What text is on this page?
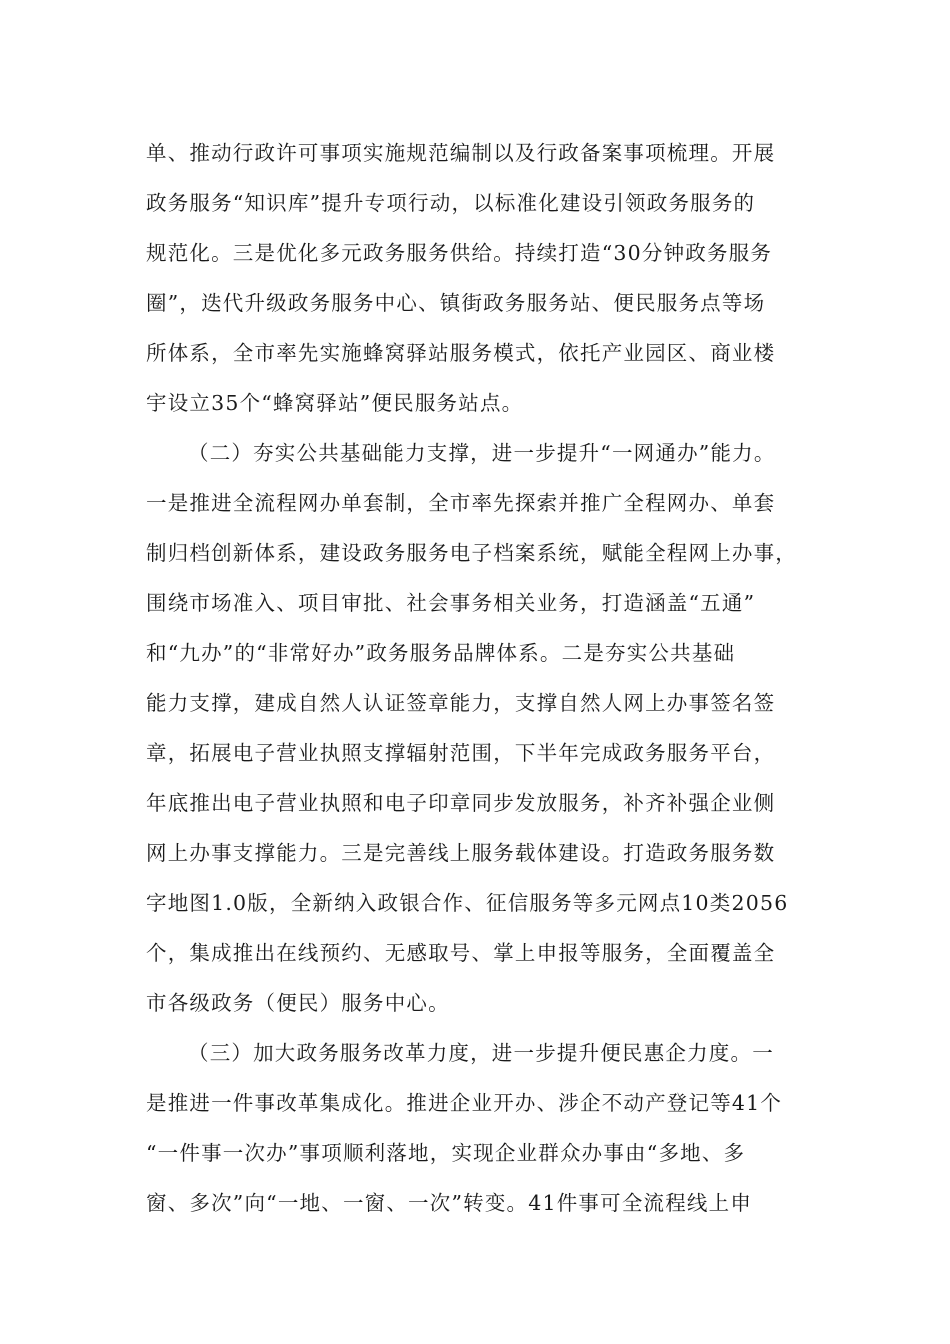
单、推动行政许可事项实施规范编制以及行政备案事项梳理。开展
政务服务“知识库”提升专项行动，以标准化建设引领政务服务的
规范化。三是优化多元政务服务供给。持续打造“30分钟政务服务
圈”，迭代升级政务服务中心、镇街政务服务站、便民服务点等场
所体系，全市率先实施蜂窝驿站服务模式，依托产业园区、商业楼
宇设立35个“蜂窝驿站”便民服务站点。
（二）夯实公共基础能力支撑，进一步提升“一网通办”能力。
一是推进全流程网办单套制，全市率先探索并推广全程网办、单套
制归档创新体系，建设政务服务电子档案系统，赋能全程网上办事，
围绕市场准入、项目审批、社会事务相关业务，打造涵盖“五通”
和“九办”的“非常好办”政务服务品牌体系。二是夯实公共基础
能力支撑，建成自然人认证签章能力，支撑自然人网上办事签名签
章，拓展电子营业执照支撑辐射范围，下半年完成政务服务平台，
年底推出电子营业执照和电子印章同步发放服务，补齐补强企业侧
网上办事支撑能力。三是完善线上服务载体建设。打造政务服务数
字地图1.0版，全新纳入政银合作、征信服务等多元网点10类2056
个，集成推出在线预约、无感取号、掌上申报等服务，全面覆盖全
市各级政务（便民）服务中心。
（三）加大政务服务改革力度，进一步提升便民惠企力度。一
是推进一件事改革集成化。推进企业开办、涉企不动产登记等41个
“一件事一次办”事项顺利落地，实现企业群众办事由“多地、多
窗、多次”向“一地、一窗、一次”转变。41件事可全流程线上申
